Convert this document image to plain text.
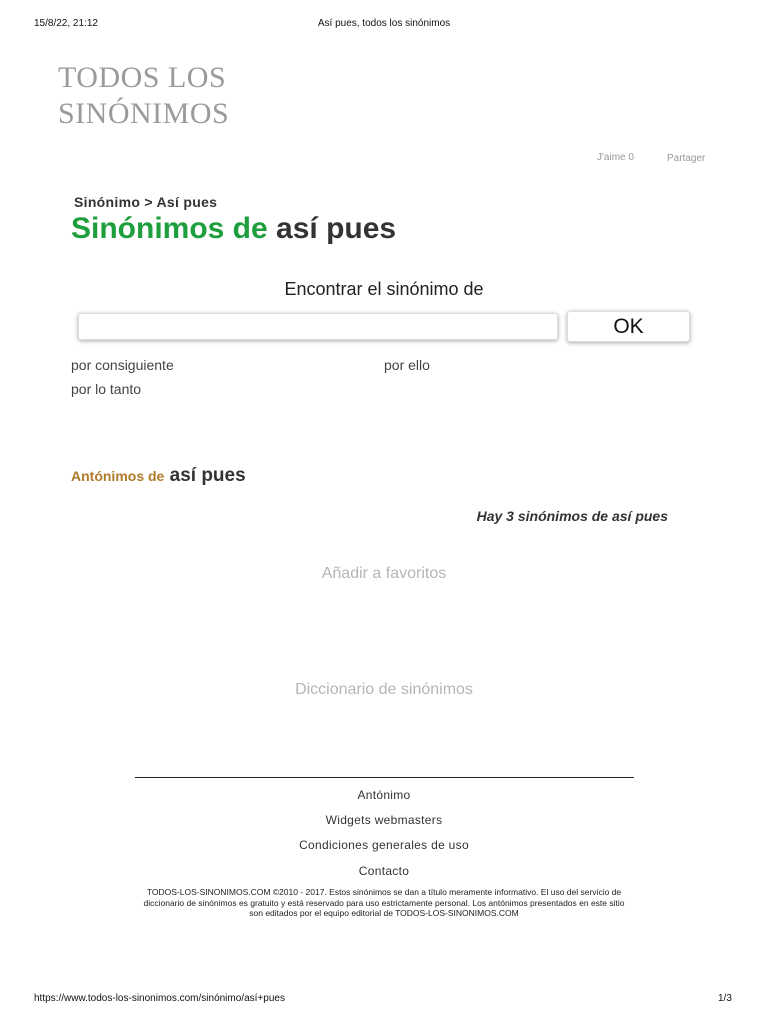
15/8/22, 21:12	Así pues, todos los sinónimos
TODOS LOS
SINÓNIMOS
J'aime 0	Partager
Sinónimo > Así pues
Sinónimos de así pues
Encontrar el sinónimo de
OK
por consiguiente	por ello
por lo tanto
Antónimos de así pues
Hay 3 sinónimos de así pues
Añadir a favoritos
Diccionario de sinónimos
Antónimo
Widgets webmasters
Condiciones generales de uso
Contacto
TODOS-LOS-SINONIMOS.COM ©2010 - 2017. Estos sinónimos se dan a título meramente informativo. El uso del servicio de diccionario de sinónimos es gratuito y está reservado para uso estrictamente personal. Los antónimos presentados en este sitio son editados por el equipo editorial de TODOS-LOS-SINONIMOS.COM
https://www.todos-los-sinonimos.com/sinónimo/así+pues	1/3
